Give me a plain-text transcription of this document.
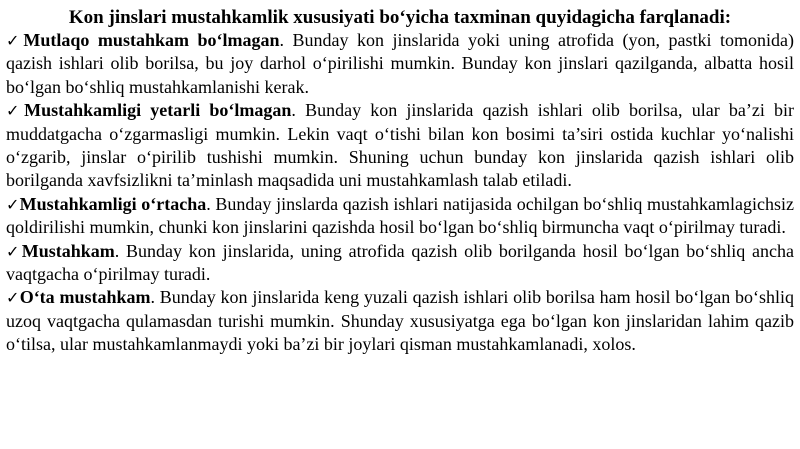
Kon jinslari mustahkamlik xususiyati bo‘yicha taxminan quyidagicha farqlanadi:

✓Mutlaqo mustahkam bo‘lmagan. Bunday kon jinslarida yoki uning atrofida (yon, pastki tomonida) qazish ishlari olib borilsa, bu joy darhol o‘pirilishi mumkin. Bunday kon jinslari qazilganda, albatta hosil bo‘lgan bo‘shliq mustahkamlanishi kerak.

✓Mustahkamligi yetarli bo‘lmagan. Bunday kon jinslarida qazish ishlari olib borilsa, ular ba’zi bir muddatgacha o‘zgarmasligi mumkin. Lekin vaqt o‘tishi bilan kon bosimi ta’siri ostida kuchlar yo‘nalishi o‘zgarib, jinslar o‘pirilib tushishi mumkin. Shuning uchun bunday kon jinslarida qazish ishlari olib borilganda xavfsizlikni ta’minlash maqsadida uni mustahkamlash talab etiladi.

✓Mustahkamligi o‘rtacha. Bunday jinslarda qazish ishlari natijasida ochilgan bo‘shliq mustahkamlagichsiz qoldirilishi mumkin, chunki kon jinslarini qazishda hosil bo‘lgan bo‘shliq birmuncha vaqt o‘pirilmay turadi.

✓Mustahkam. Bunday kon jinslarida, uning atrofida qazish olib borilganda hosil bo‘lgan bo‘shliq ancha vaqtgacha o‘pirilmay turadi.

✓O‘ta mustahkam. Bunday kon jinslarida keng yuzali qazish ishlari olib borilsa ham hosil bo‘lgan bo‘shliq uzoq vaqtgacha qulamasdan turishi mumkin. Shunday xususiyatga ega bo‘lgan kon jinslaridan lahim qazib o‘tilsa, ular mustahkamlanmaydi yoki ba’zi bir joylari qisman mustahkamlanadi, xolos.
